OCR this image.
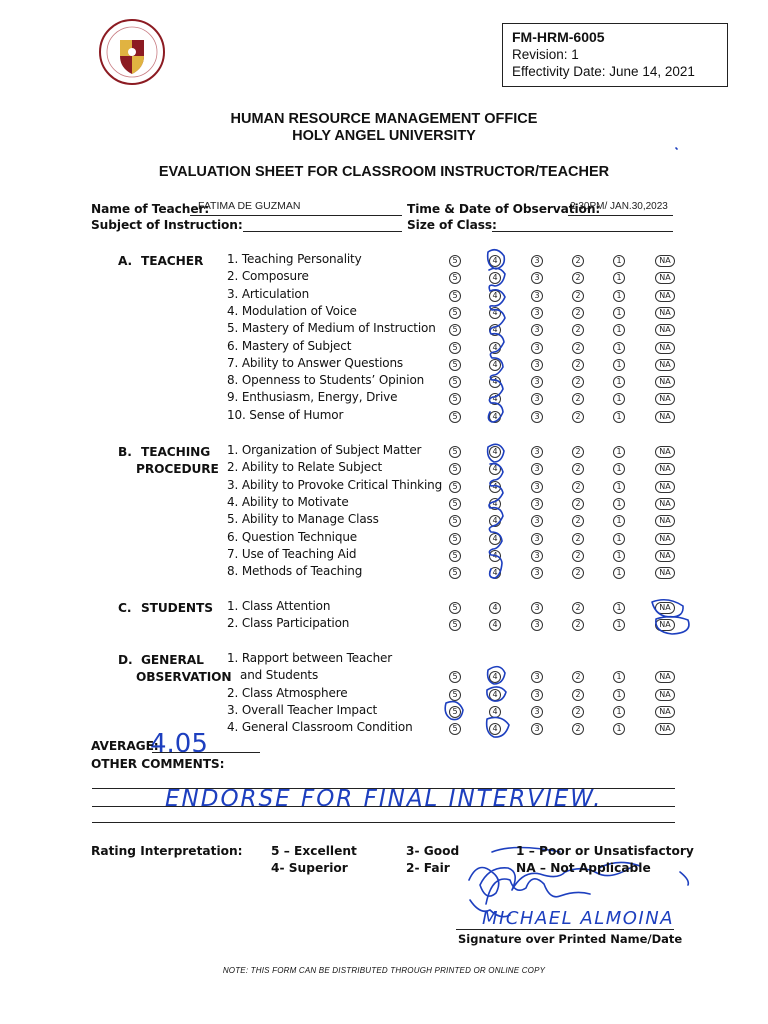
FM-HRM-6005
Revision: 1
Effectivity Date: June 14, 2021
HUMAN RESOURCE MANAGEMENT OFFICE
HOLY ANGEL UNIVERSITY
EVALUATION SHEET FOR CLASSROOM INSTRUCTOR/TEACHER
Name of Teacher:
FATIMA DE GUZMAN	Time & Date of Observation:
2:30PM/ JAN.30,2023
Subject of Instruction:	Size of Class:
A. TEACHER 1. Teaching Personality	5	4	3	2	1	NA
2. Composure	5	4	3	2	1	NA
3. Articulation	5	4	3	2	1	NA
4. Modulation of Voice	5	4	3	2	1	NA
5. Mastery of Medium of Instruction	5	4	3	2	1	NA
6. Mastery of Subject	5	4	3	2	1	NA
7. Ability to Answer Questions	5	4	3	2	1	NA
8. Openness to Students’ Opinion	5	4	3	2	1	NA
9. Enthusiasm, Energy, Drive	5	4	3	2	1	NA
10. Sense of Humor	5	4	3	2	1	NA
B. TEACHING
PROCEDURE
1. Organization of Subject Matter	5	4	3	2	1	NA
2. Ability to Relate Subject	5	4	3	2	1	NA
3. Ability to Provoke Critical Thinking	5	4	3	2	1	NA
4. Ability to Motivate	5	4	3	2	1	NA
5. Ability to Manage Class	5	4	3	2	1	NA
6. Question Technique	5	4	3	2	1	NA
7. Use of Teaching Aid	5	4	3	2	1	NA
8. Methods of Teaching	5	4	3	2	1	NA
C. STUDENTS 1. Class Attention	5	4	3	2	1	NA
2. Class Participation	5	4	3	2	1	NA
D. GENERAL
OBSERVATION
1. Rapport between Teacher
and Students	5	4	3	2	1	NA
2. Class Atmosphere	5	4	3	2	1	NA
3. Overall Teacher Impact	5	4	3	2	1	NA
4. General Classroom Condition	5	4	3	2	1	NA
4.05
ENDORSE FOR FINAL INTERVIEW.
MICHAEL ALMOINA
AVERAGE:
OTHER COMMENTS:
Rating Interpretation: 5 – Excellent
4- Superior
3- Good
2- Fair
1 – Poor or Unsatisfactory
NA – Not Applicable
Signature over Printed Name/Date
NOTE: THIS FORM CAN BE DISTRIBUTED THROUGH PRINTED OR ONLINE COPY
